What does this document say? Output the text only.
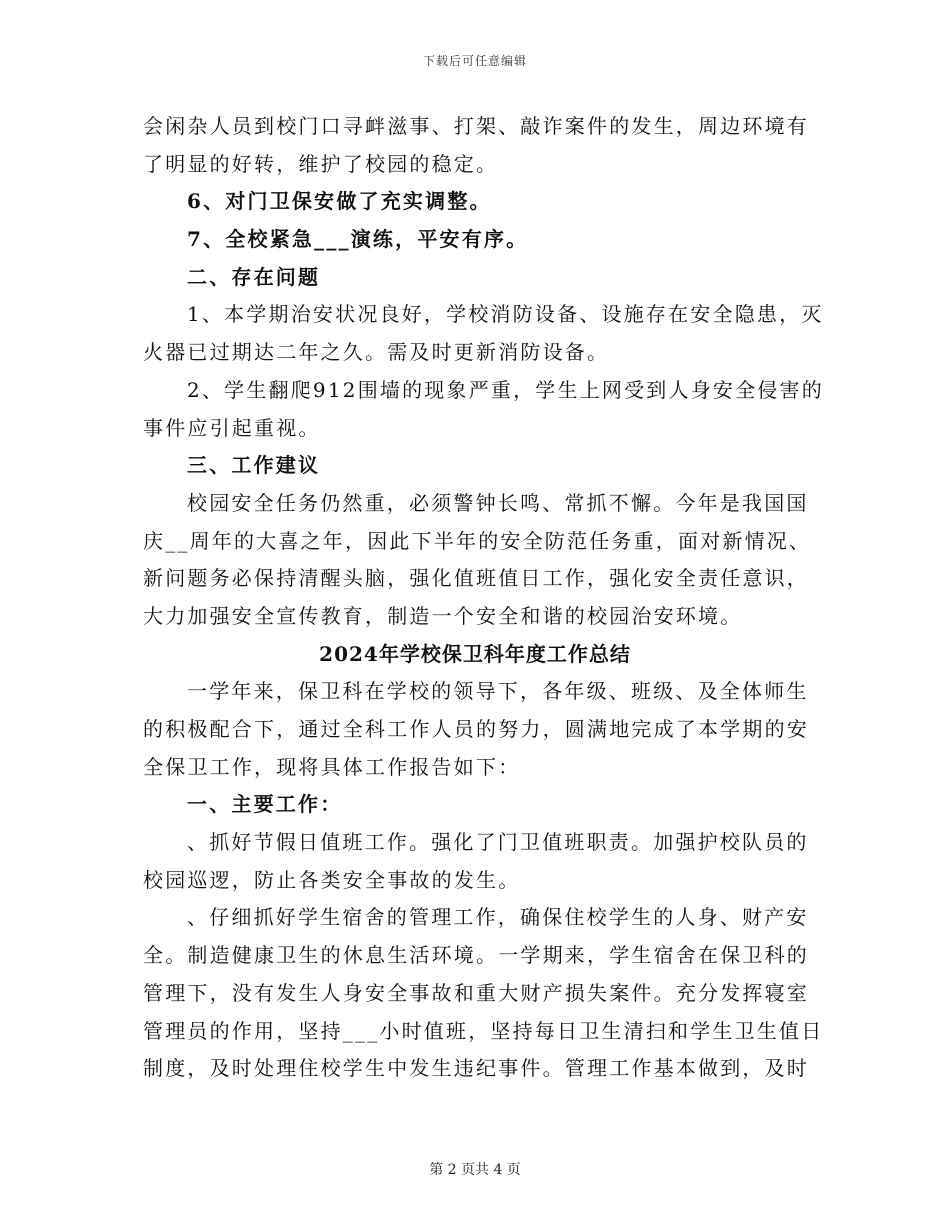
下载后可任意编辑

会闲杂人员到校门口寻衅滋事、打架、敲诈案件的发生，周边环境有

了明显的好转，维护了校园的稳定。

6、对门卫保安做了充实调整。

7、全校紧急___演练，平安有序。

二、存在问题

1、本学期治安状况良好，学校消防设备、设施存在安全隐患，灭

火器已过期达二年之久。需及时更新消防设备。

2、学生翻爬912围墙的现象严重，学生上网受到人身安全侵害的

事件应引起重视。

三、工作建议

校园安全任务仍然重，必须警钟长鸣、常抓不懈。今年是我国国

庆__周年的大喜之年，因此下半年的安全防范任务重，面对新情况、

新问题务必保持清醒头脑，强化值班值日工作，强化安全责任意识，

大力加强安全宣传教育，制造一个安全和谐的校园治安环境。

2024年学校保卫科年度工作总结

一学年来，保卫科在学校的领导下，各年级、班级、及全体师生

的积极配合下，通过全科工作人员的努力，圆满地完成了本学期的安

全保卫工作，现将具体工作报告如下：

一、主要工作：

、抓好节假日值班工作。强化了门卫值班职责。加强护校队员的

校园巡逻，防止各类安全事故的发生。

、仔细抓好学生宿舍的管理工作，确保住校学生的人身、财产安

全。制造健康卫生的休息生活环境。一学期来，学生宿舍在保卫科的

管理下，没有发生人身安全事故和重大财产损失案件。充分发挥寝室

管理员的作用，坚持___小时值班，坚持每日卫生清扫和学生卫生值日

制度，及时处理住校学生中发生违纪事件。管理工作基本做到，及时

第 2 页共 4 页
